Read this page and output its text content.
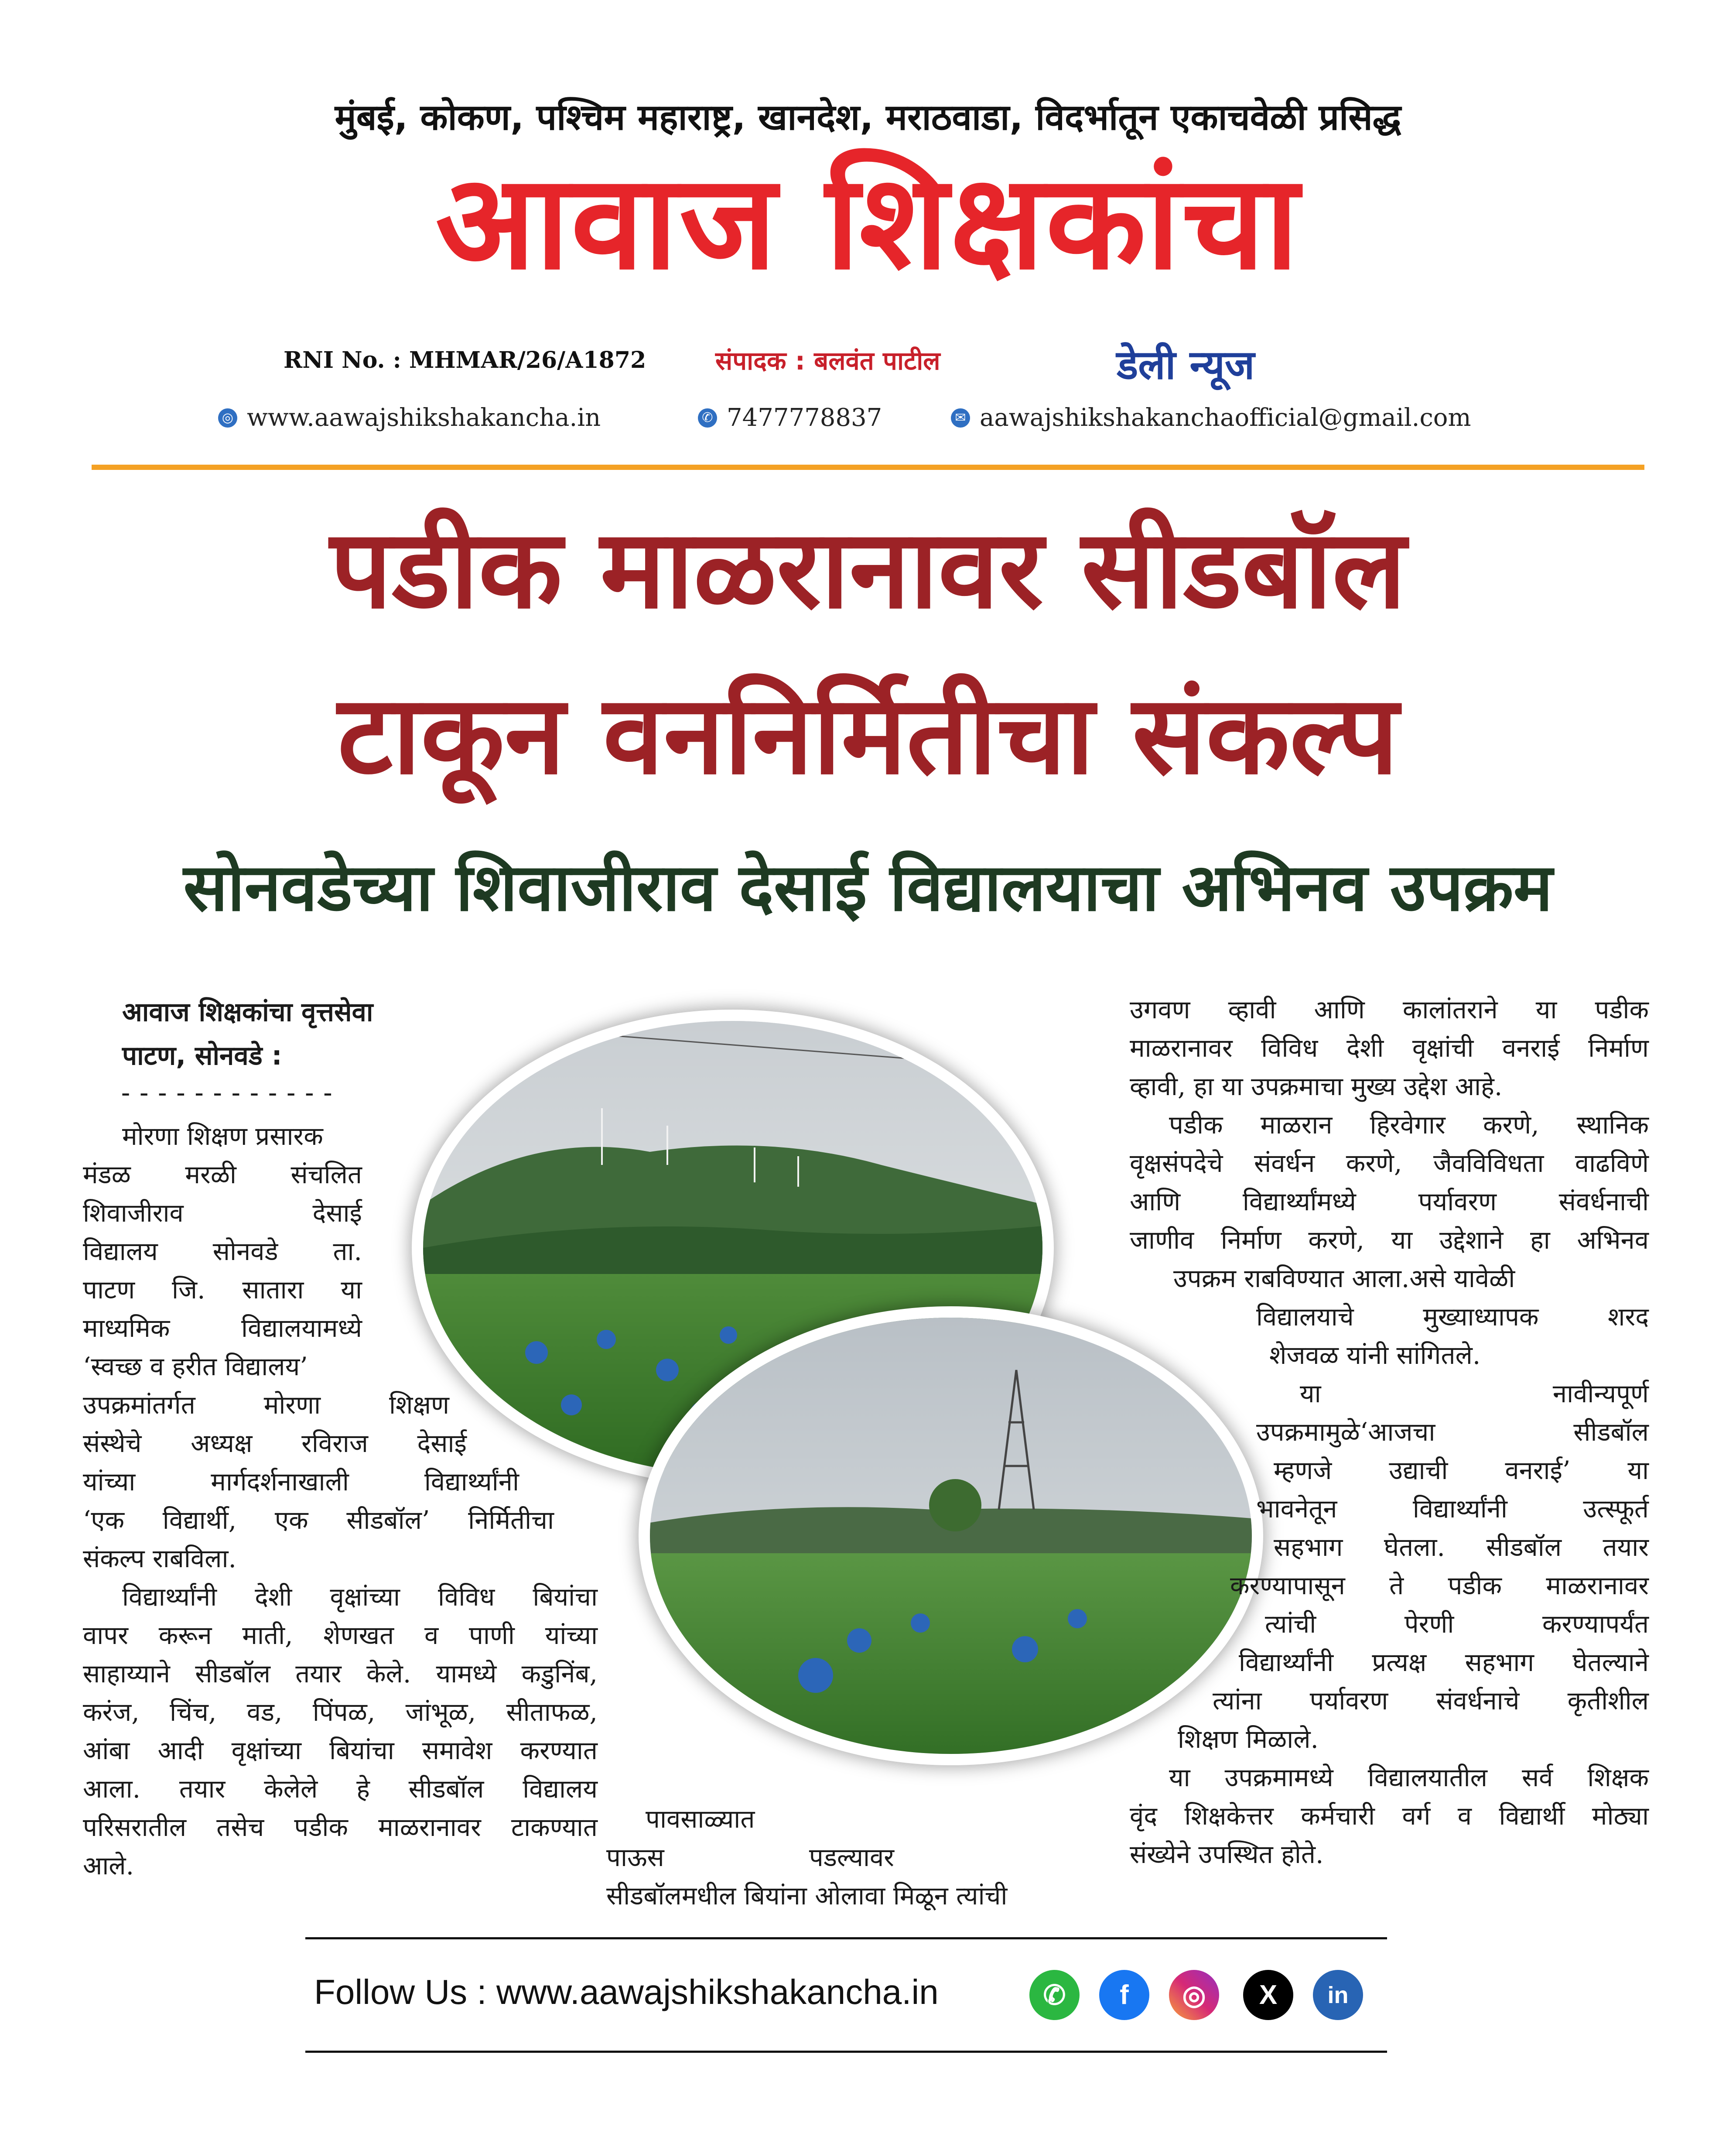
मुंबई, कोकण, पश्चिम महाराष्ट्र, खानदेश, मराठवाडा, विदर्भातून एकाचवेळी प्रसिद्ध
आवाज शिक्षकांचा
RNI No. : MHMAR/26/A1872	संपादक : बलवंत पाटील	डेली न्यूज
◎ www.aawajshikshakancha.in	✆ 7477778837	✉ aawajshikshakanchaofficial@gmail.com
पडीक माळरानावर सीडबॉल
टाकून वननिर्मितीचा संकल्प
सोनवडेच्या शिवाजीराव देसाई विद्यालयाचा अभिनव उपक्रम
आवाज शिक्षकांचा वृत्तसेवा
पाटण, सोनवडे :
------------

मोरणा शिक्षण प्रसारक

मंडळ मरळी संचलित

शिवाजीराव देसाई

विद्यालय सोनवडे ता.

पाटण जि. सातारा या

माध्यमिक विद्यालयामध्ये

‘स्वच्छ व हरीत विद्यालय’

उपक्रमांतर्गत मोरणा शिक्षण

संस्थेचे अध्यक्ष रविराज देसाई

यांच्या मार्गदर्शनाखाली विद्यार्थ्यांनी

‘एक विद्यार्थी, एक सीडबॉल’ निर्मितीचा

संकल्प राबविला.

विद्यार्थ्यांनी देशी वृक्षांच्या विविध बियांचा

वापर करून माती, शेणखत व पाणी यांच्या

साहाय्याने सीडबॉल तयार केले. यामध्ये कडुनिंब,

करंज, चिंच, वड, पिंपळ, जांभूळ, सीताफळ,

आंबा आदी वृक्षांच्या बियांचा समावेश करण्यात

आला. तयार केलेले हे सीडबॉल विद्यालय

परिसरातील तसेच पडीक माळरानावर टाकण्यात

आले.

पावसाळ्यात

पाऊस पडल्यावर

सीडबॉलमधील बियांना ओलावा मिळून त्यांची

उगवण व्हावी आणि कालांतराने या पडीक

माळरानावर विविध देशी वृक्षांची वनराई निर्माण

व्हावी, हा या उपक्रमाचा मुख्य उद्देश आहे.

पडीक माळरान हिरवेगार करणे, स्थानिक

वृक्षसंपदेचे संवर्धन करणे, जैवविविधता वाढविणे

आणि विद्यार्थ्यांमध्ये पर्यावरण संवर्धनाची

जाणीव निर्माण करणे, या उद्देशाने हा अभिनव

उपक्रम राबविण्यात आला.असे यावेळी

विद्यालयाचे मुख्याध्यापक शरद

शेजवळ यांनी सांगितले.

या नावीन्यपूर्ण

उपक्रमामुळे‘आजचा सीडबॉल

म्हणजे उद्याची वनराई’ या

भावनेतून विद्यार्थ्यांनी उत्स्फूर्त

सहभाग घेतला. सीडबॉल तयार

करण्यापासून ते पडीक माळरानावर

त्यांची पेरणी करण्यापर्यंत

विद्यार्थ्यांनी प्रत्यक्ष सहभाग घेतल्याने

त्यांना पर्यावरण संवर्धनाचे कृतीशील

शिक्षण मिळाले.

या उपक्रमामध्ये विद्यालयातील सर्व शिक्षक

वृंद शिक्षकेत्तर कर्मचारी वर्ग व विद्यार्थी मोठ्या

संख्येने उपस्थित होते.

Follow Us : www.aawajshikshakancha.in	✆	f	◎	X	in
